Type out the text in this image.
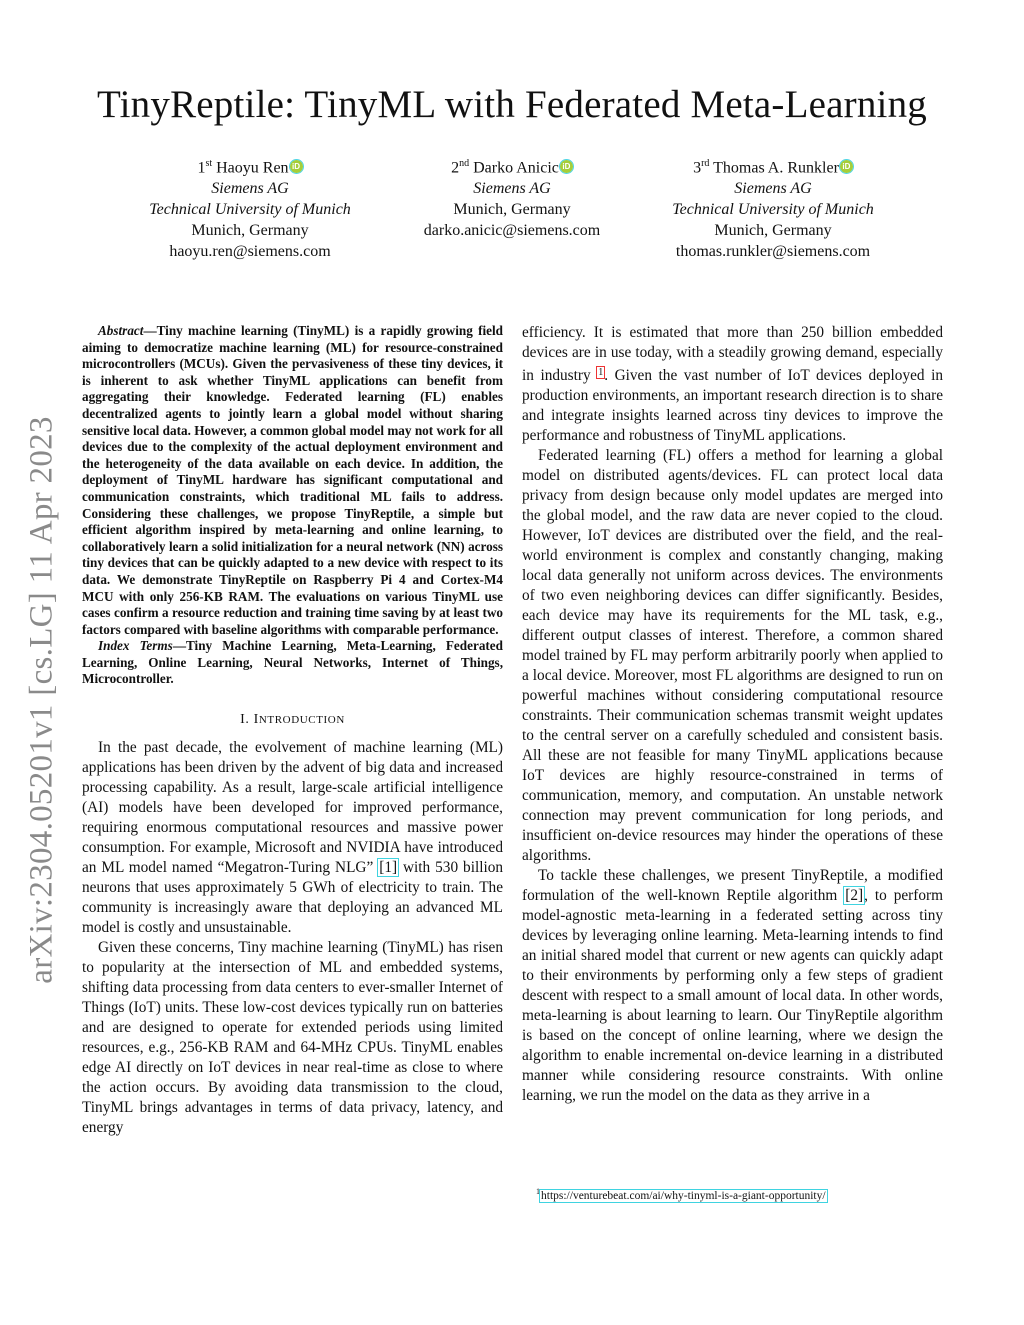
arXiv:2304.05201v1 [cs.LG] 11 Apr 2023
TinyReptile: TinyML with Federated Meta-Learning
1st Haoyu Ren iD
Siemens AG
Technical University of Munich
Munich, Germany
haoyu.ren@siemens.com
2nd Darko Anicic iD
Siemens AG
Munich, Germany
darko.anicic@siemens.com
3rd Thomas A. Runkler iD
Siemens AG
Technical University of Munich
Munich, Germany
thomas.runkler@siemens.com

Abstract—Tiny machine learning (TinyML) is a rapidly growing field aiming to democratize machine learning (ML) for resource-constrained microcontrollers (MCUs). Given the pervasiveness of these tiny devices, it is inherent to ask whether TinyML applications can benefit from aggregating their knowledge. Federated learning (FL) enables decentralized agents to jointly learn a global model without sharing sensitive local data. However, a common global model may not work for all devices due to the complexity of the actual deployment environment and the heterogeneity of the data available on each device. In addition, the deployment of TinyML hardware has significant computational and communication constraints, which traditional ML fails to address. Considering these challenges, we propose TinyReptile, a simple but efficient algorithm inspired by meta-learning and online learning, to collaboratively learn a solid initialization for a neural network (NN) across tiny devices that can be quickly adapted to a new device with respect to its data. We demonstrate TinyReptile on Raspberry Pi 4 and Cortex-M4 MCU with only 256-KB RAM. The evaluations on various TinyML use cases confirm a resource reduction and training time saving by at least two factors compared with baseline algorithms with comparable performance.

Index Terms—Tiny Machine Learning, Meta-Learning, Federated Learning, Online Learning, Neural Networks, Internet of Things, Microcontroller.

I. INTRODUCTION

In the past decade, the evolvement of machine learning (ML) applications has been driven by the advent of big data and increased processing capability. As a result, large-scale artificial intelligence (AI) models have been developed for improved performance, requiring enormous computational resources and massive power consumption. For example, Microsoft and NVIDIA have introduced an ML model named “Megatron-Turing NLG” [1] with 530 billion neurons that uses approximately 5 GWh of electricity to train. The community is increasingly aware that deploying an advanced ML model is costly and unsustainable.

Given these concerns, Tiny machine learning (TinyML) has risen to popularity at the intersection of ML and embedded systems, shifting data processing from data centers to ever-smaller Internet of Things (IoT) units. These low-cost devices typically run on batteries and are designed to operate for extended periods using limited resources, e.g., 256-KB RAM and 64-MHz CPUs. TinyML enables edge AI directly on IoT devices in near real-time as close to where the action occurs. By avoiding data transmission to the cloud, TinyML brings advantages in terms of data privacy, latency, and energy

efficiency. It is estimated that more than 250 billion embedded devices are in use today, with a steadily growing demand, especially in industry $^1$. Given the vast number of IoT devices deployed in production environments, an important research direction is to share and integrate insights learned across tiny devices to improve the performance and robustness of TinyML applications.

Federated learning (FL) offers a method for learning a global model on distributed agents/devices. FL can protect local data privacy from design because only model updates are merged into the global model, and the raw data are never copied to the cloud. However, IoT devices are distributed over the field, and the real-world environment is complex and constantly changing, making local data generally not uniform across devices. The environments of two even neighboring devices can differ significantly. Besides, each device may have its requirements for the ML task, e.g., different output classes of interest. Therefore, a common shared model trained by FL may perform arbitrarily poorly when applied to a local device. Moreover, most FL algorithms are designed to run on powerful machines without considering computational resource constraints. Their communication schemas transmit weight updates to the central server on a carefully scheduled and consistent basis. All these are not feasible for many TinyML applications because IoT devices are highly resource-constrained in terms of communication, memory, and computation. An unstable network connection may prevent communication for long periods, and insufficient on-device resources may hinder the operations of these algorithms.

To tackle these challenges, we present TinyReptile, a modified formulation of the well-known Reptile algorithm [2], to perform model-agnostic meta-learning in a federated setting across tiny devices by leveraging online learning. Meta-learning intends to find an initial shared model that current or new agents can quickly adapt to their environments by performing only a few steps of gradient descent with respect to a small amount of local data. In other words, meta-learning is about learning to learn. Our TinyReptile algorithm is based on the concept of online learning, where we design the algorithm to enable incremental on-device learning in a distributed manner while considering resource constraints. With online learning, we run the model on the data as they arrive in a

$^1$https://venturebeat.com/ai/why-tinyml-is-a-giant-opportunity/
